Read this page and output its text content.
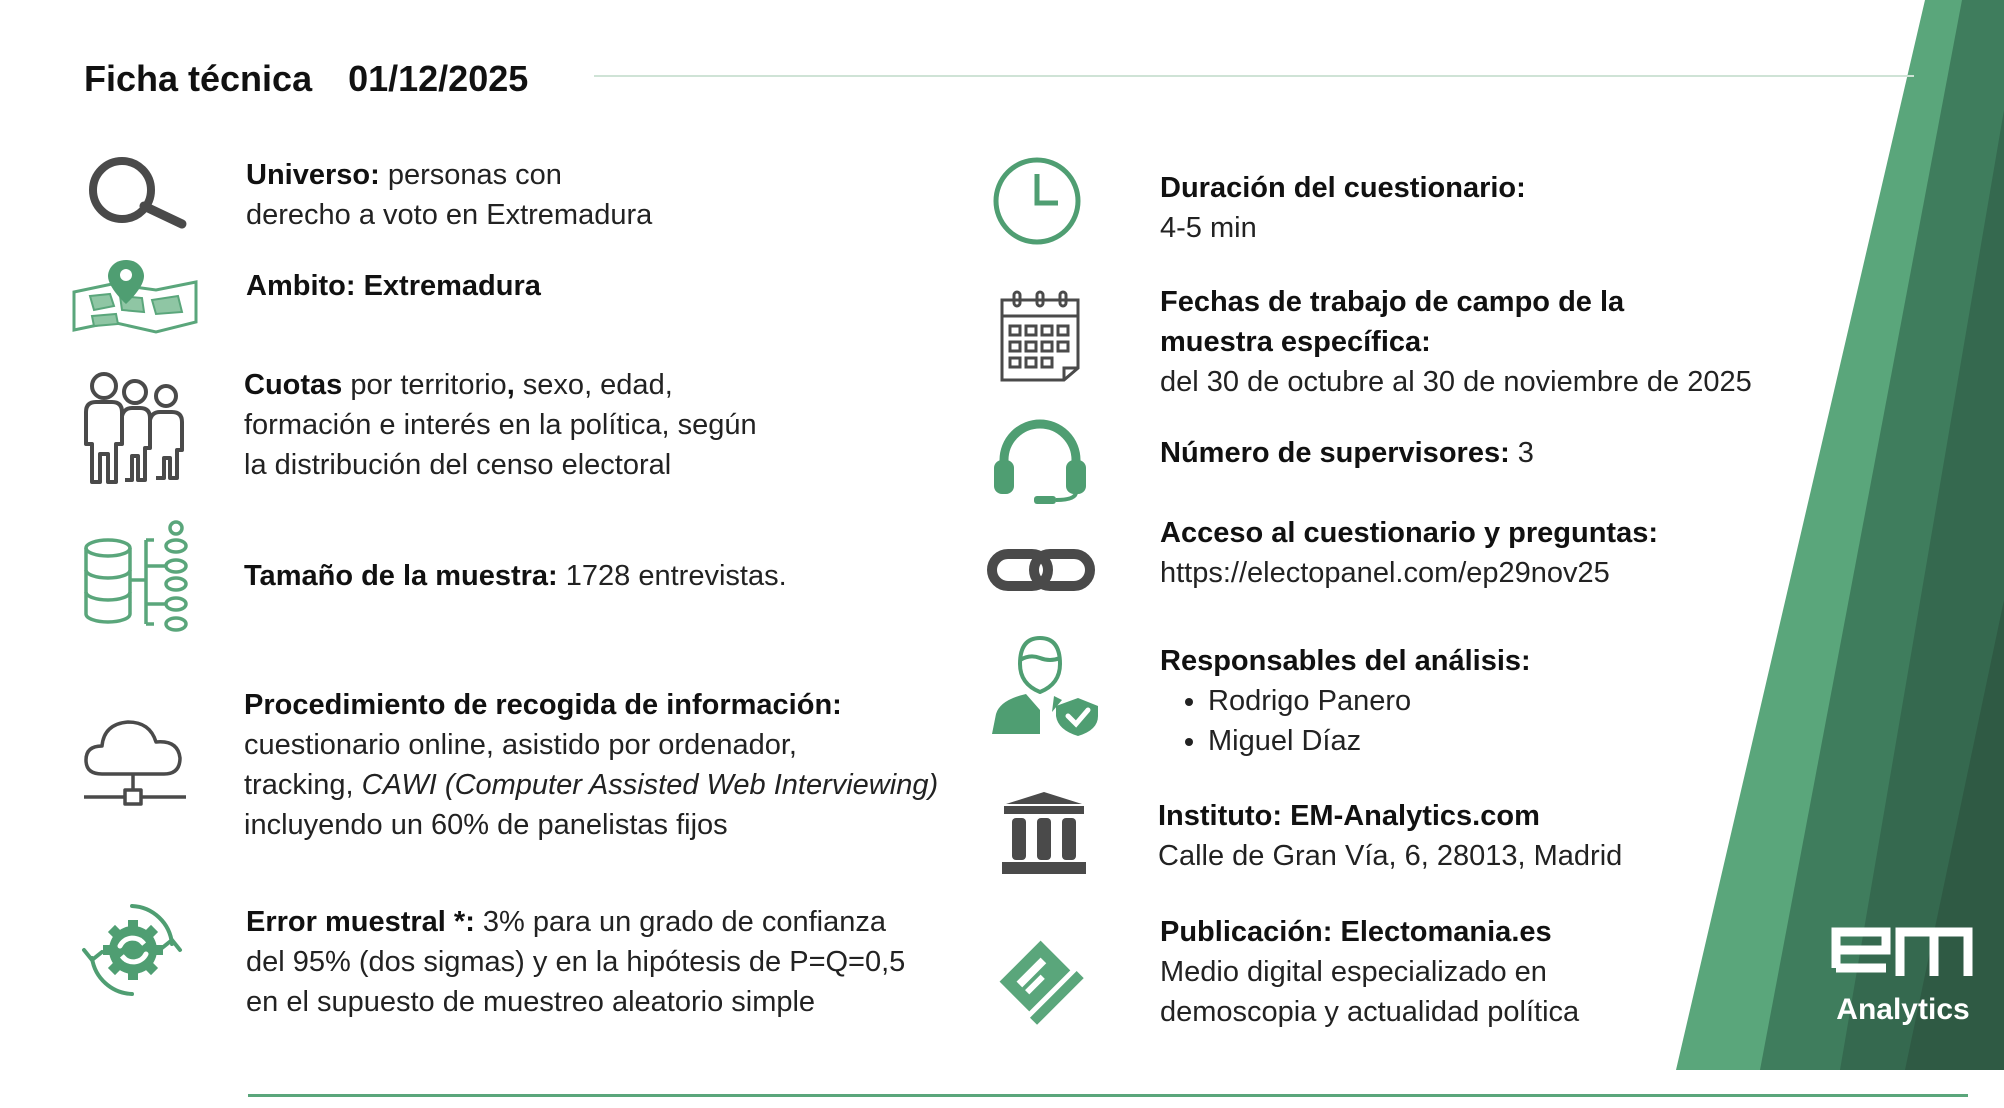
Ficha técnica 01/12/2025
Universo: personas con
derecho a voto en Extremadura
Ambito: Extremadura
Cuotas por territorio, sexo, edad,
formación e interés en la política, según
la distribución del censo electoral
Tamaño de la muestra: 1728 entrevistas.
Procedimiento de recogida de información:
cuestionario online, asistido por ordenador,
tracking, CAWI (Computer Assisted Web Interviewing)
incluyendo un 60% de panelistas fijos
Error muestral *: 3% para un grado de confianza
del 95% (dos sigmas) y en la hipótesis de P=Q=0,5
en el supuesto de muestreo aleatorio simple
Duración del cuestionario:
4-5 min
Fechas de trabajo de campo de la
muestra específica:
del 30 de octubre al 30 de noviembre de 2025
Número de supervisores: 3
Acceso al cuestionario y preguntas:
https://electopanel.com/ep29nov25
Responsables del análisis:
• Rodrigo Panero
• Miguel Díaz
Instituto: EM-Analytics.com
Calle de Gran Vía, 6, 28013, Madrid
Publicación: Electomania.es
Medio digital especializado en
demoscopia y actualidad política	Analytics
